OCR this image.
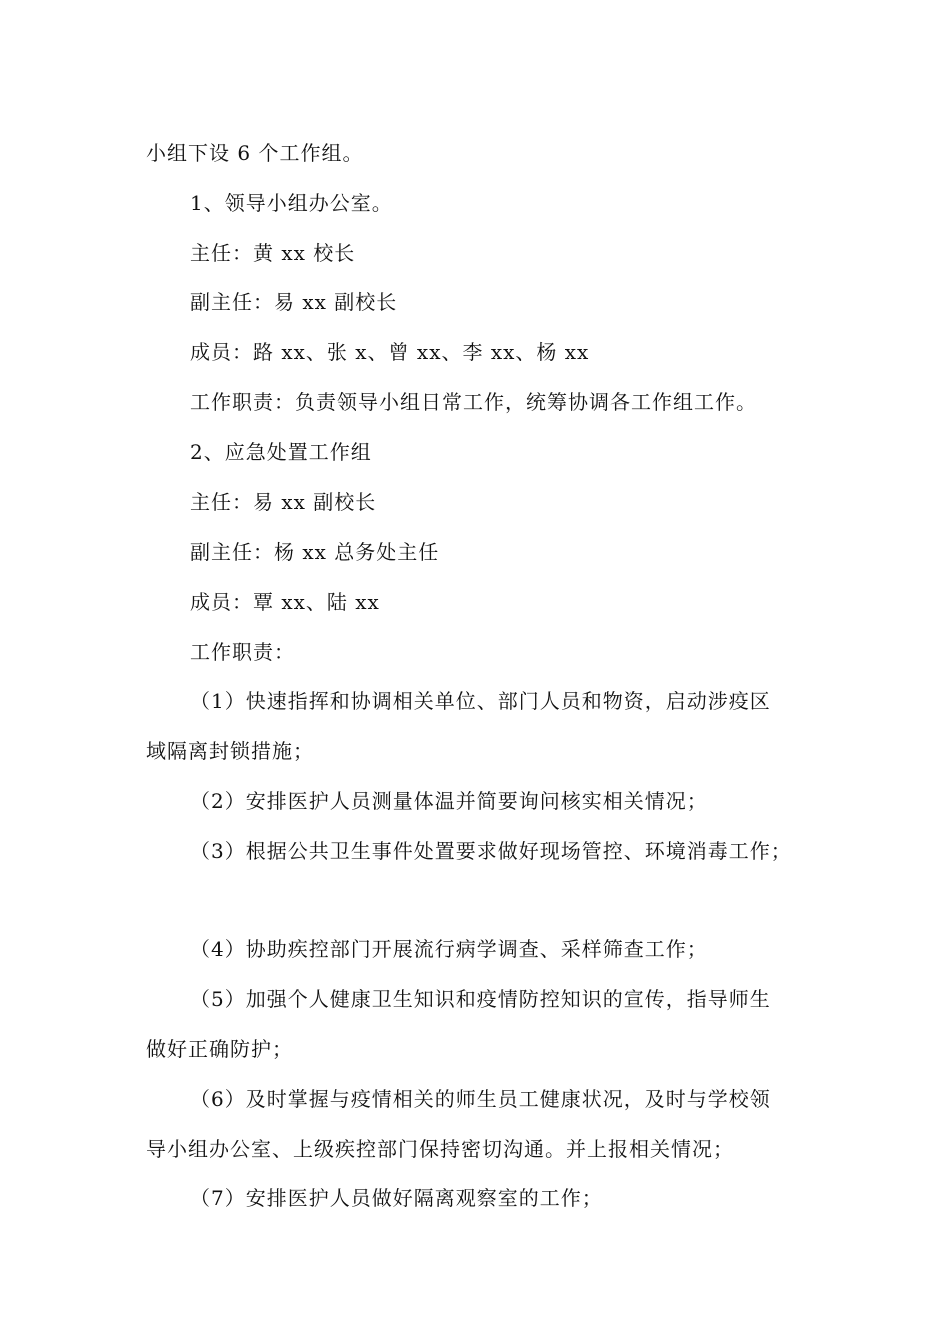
小组下设 6 个工作组。
1、领导小组办公室。
主任：黄 xx 校长
副主任：易 xx 副校长
成员：路 xx、张 x、曾 xx、李 xx、杨 xx
工作职责：负责领导小组日常工作，统筹协调各工作组工作。
2、应急处置工作组
主任：易 xx 副校长
副主任：杨 xx 总务处主任
成员：覃 xx、陆 xx
工作职责：
（1）快速指挥和协调相关单位、部门人员和物资，启动涉疫区
域隔离封锁措施；
（2）安排医护人员测量体温并简要询问核实相关情况；
（3）根据公共卫生事件处置要求做好现场管控、环境消毒工作；
（4）协助疾控部门开展流行病学调查、采样筛查工作；
（5）加强个人健康卫生知识和疫情防控知识的宣传，指导师生
做好正确防护；
（6）及时掌握与疫情相关的师生员工健康状况，及时与学校领
导小组办公室、上级疾控部门保持密切沟通。并上报相关情况；
（7）安排医护人员做好隔离观察室的工作；
